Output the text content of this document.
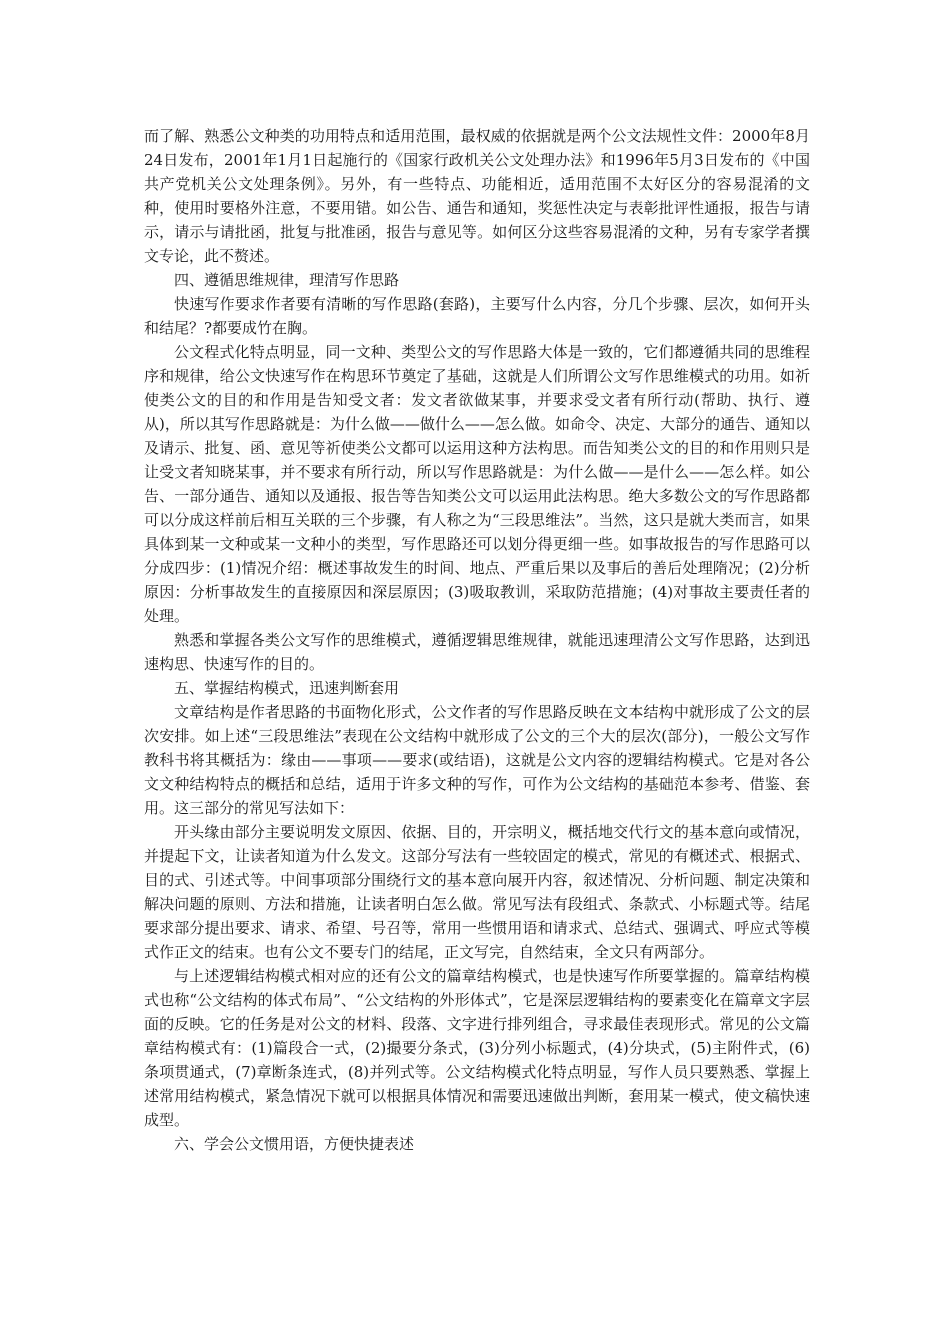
而了解、熟悉公文种类的功用特点和适用范围，最权威的依据就是两个公文法规性文件：2000年8月24日发布，2001年1月1日起施行的《国家行政机关公文处理办法》和1996年5月3日发布的《中国共产党机关公文处理条例》。另外，有一些特点、功能相近，适用范围不太好区分的容易混淆的文种，使用时要格外注意，不要用错。如公告、通告和通知，奖惩性决定与表彰批评性通报，报告与请示，请示与请批函，批复与批准函，报告与意见等。如何区分这些容易混淆的文种，另有专家学者撰文专论，此不赘述。

四、遵循思维规律，理清写作思路

快速写作要求作者要有清晰的写作思路(套路)，主要写什么内容，分几个步骤、层次，如何开头和结尾？?都要成竹在胸。

公文程式化特点明显，同一文种、类型公文的写作思路大体是一致的，它们都遵循共同的思维程序和规律，给公文快速写作在构思环节奠定了基础，这就是人们所谓公文写作思维模式的功用。如祈使类公文的目的和作用是告知受文者：发文者欲做某事，并要求受文者有所行动(帮助、执行、遵从)，所以其写作思路就是：为什么做——做什么——怎么做。如命令、决定、大部分的通告、通知以及请示、批复、函、意见等祈使类公文都可以运用这种方法构思。而告知类公文的目的和作用则只是让受文者知晓某事，并不要求有所行动，所以写作思路就是：为什么做——是什么——怎么样。如公告、一部分通告、通知以及通报、报告等告知类公文可以运用此法构思。绝大多数公文的写作思路都可以分成这样前后相互关联的三个步骤，有人称之为“三段思维法”。当然，这只是就大类而言，如果具体到某一文种或某一文种小的类型，写作思路还可以划分得更细一些。如事故报告的写作思路可以分成四步：(1)情况介绍：概述事故发生的时间、地点、严重后果以及事后的善后处理隋况；(2)分析原因：分析事故发生的直接原因和深层原因；(3)吸取教训，采取防范措施；(4)对事故主要责任者的处理。

熟悉和掌握各类公文写作的思维模式，遵循逻辑思维规律，就能迅速理清公文写作思路，达到迅速构思、快速写作的目的。

五、掌握结构模式，迅速判断套用

文章结构是作者思路的书面物化形式，公文作者的写作思路反映在文本结构中就形成了公文的层次安排。如上述“三段思维法”表现在公文结构中就形成了公文的三个大的层次(部分)，一般公文写作教科书将其概括为：缘由——事项——要求(或结语)，这就是公文内容的逻辑结构模式。它是对各公文文种结构特点的概括和总结，适用于许多文种的写作，可作为公文结构的基础范本参考、借鉴、套用。这三部分的常见写法如下：

开头缘由部分主要说明发文原因、依据、目的，开宗明义，概括地交代行文的基本意向或情况，并提起下文，让读者知道为什么发文。这部分写法有一些较固定的模式，常见的有概述式、根据式、目的式、引述式等。中间事项部分围绕行文的基本意向展开内容，叙述情况、分析问题、制定决策和解决问题的原则、方法和措施，让读者明白怎么做。常见写法有段组式、条款式、小标题式等。结尾要求部分提出要求、请求、希望、号召等，常用一些惯用语和请求式、总结式、强调式、呼应式等模式作正文的结束。也有公文不要专门的结尾，正文写完，自然结束，全文只有两部分。

与上述逻辑结构模式相对应的还有公文的篇章结构模式，也是快速写作所要掌握的。篇章结构模式也称“公文结构的体式布局”、“公文结构的外形体式”，它是深层逻辑结构的要素变化在篇章文字层面的反映。它的任务是对公文的材料、段落、文字进行排列组合，寻求最佳表现形式。常见的公文篇章结构模式有：(1)篇段合一式，(2)撮要分条式，(3)分列小标题式，(4)分块式，(5)主附件式，(6)条项贯通式，(7)章断条连式，(8)并列式等。公文结构模式化特点明显，写作人员只要熟悉、掌握上述常用结构模式，紧急情况下就可以根据具体情况和需要迅速做出判断，套用某一模式，使文稿快速成型。

六、学会公文惯用语，方便快捷表述
